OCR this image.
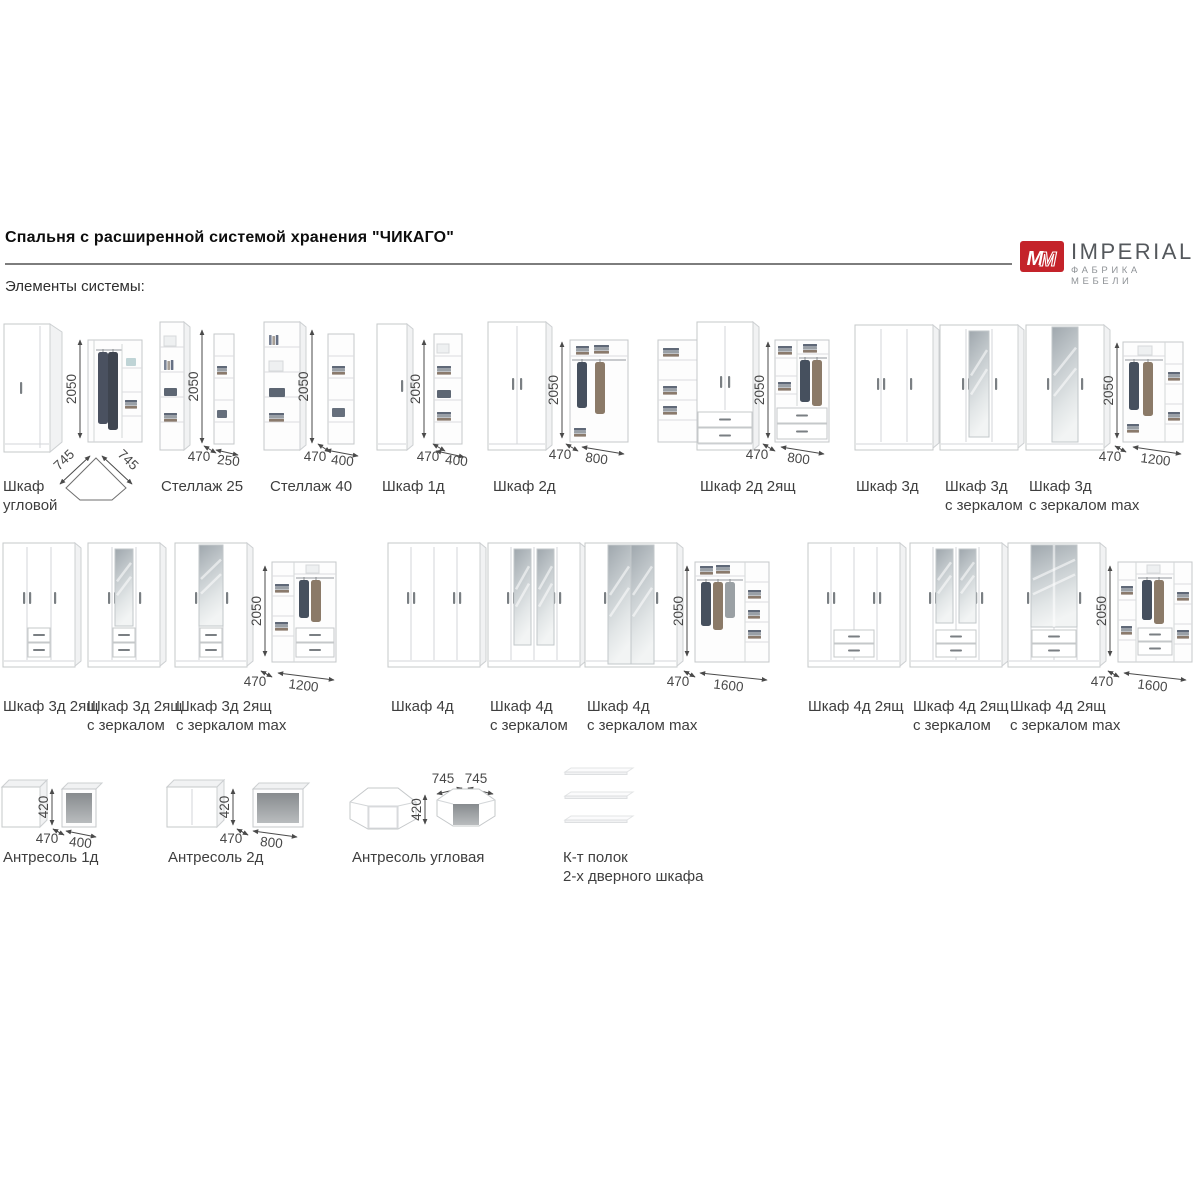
Спальня с расширенной системой хранения "ЧИКАГО"
M
M IMPERIAL
ФАБРИКА МЕБЕЛИ
Элементы системы:
2050
745	745
2050
470 250
2050
470 400
2050
470 400
2050
470 800
2050
470 800
2050
470 1200
2050
470 1200
2050
470 1600
2050
470 1600
420
470 400
420
470 800
420
745 745
Шкаф
угловой
Стеллаж 25 Стеллаж 40 Шкаф 1д	Шкаф 2д	Шкаф 2д 2ящ	Шкаф 3д Шкаф 3д
с зеркалом
Шкаф 3д
с зеркалом max
Шкаф 3д 2ящ
Шкаф 3д 2ящ
с зеркалом
Шкаф 3д 2ящ
с зеркалом max
Шкаф 4д Шкаф 4д
с зеркалом
Шкаф 4д
с зеркалом max
Шкаф 4д 2ящ Шкаф 4д 2ящ
с зеркалом
Шкаф 4д 2ящ
с зеркалом max
Антресоль 1д	Антресоль 2д	Антресоль угловая	К-т полок
2-х дверного шкафа
